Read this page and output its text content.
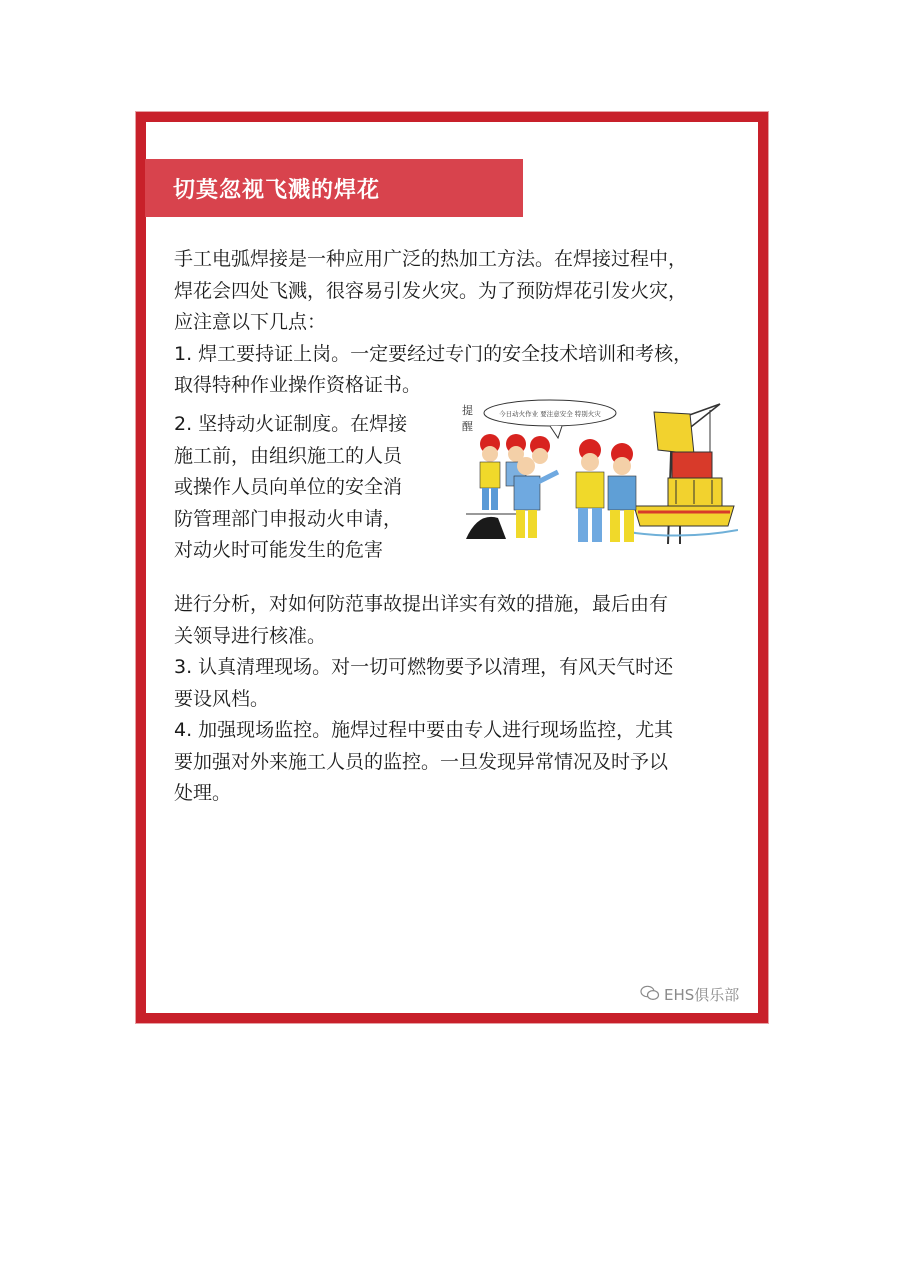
切莫忽视飞溅的焊花
手工电弧焊接是一种应用广泛的热加工方法。在焊接过程中，
焊花会四处飞溅，很容易引发火灾。为了预防焊花引发火灾，
应注意以下几点：
1. 焊工要持证上岗。一定要经过专门的安全技术培训和考核，
取得特种作业操作资格证书。
2. 坚持动火证制度。在焊接
施工前，由组织施工的人员
或操作人员向单位的安全消
防管理部门申报动火申请，
对动火时可能发生的危害
提
醒
今日动火作业 要注意安全 特别火灾
进行分析，对如何防范事故提出详实有效的措施，最后由有
关领导进行核准。
3. 认真清理现场。对一切可燃物要予以清理，有风天气时还
要设风档。
4. 加强现场监控。施焊过程中要由专人进行现场监控，尤其
要加强对外来施工人员的监控。一旦发现异常情况及时予以
处理。
EHS俱乐部
